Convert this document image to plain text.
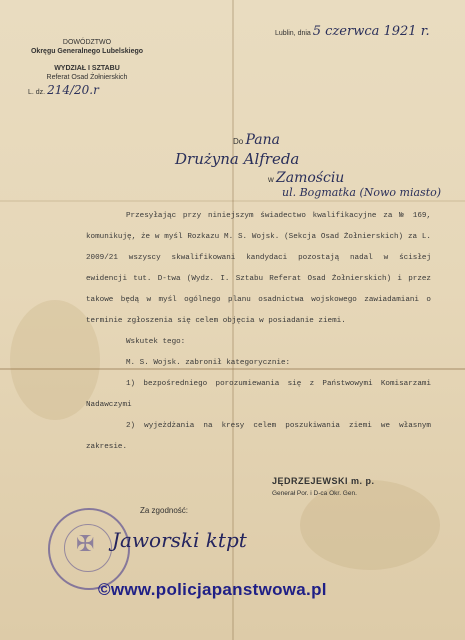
DOWÓDZTWO
Okręgu Generalnego Lubelskiego
WYDZIAŁ I SZTABU
Referat Osad Żołnierskich
L. dz. 214/20.r
Lublin, dnia 5 czerwca 1921 r.
Do Pana
Drużyna Alfreda
w Zamościu
ul. Bogmatka (Nowo miasto)

Przesyłając przy niniejszym świadectwo kwalifikacyjne za № 169, komunikuję, że w myśl Rozkazu M. S. Wojsk. (Sekcja Osad Żołnierskich) za L. 2009/21 wszyscy skwalifikowani kandydaci pozostają nadal w ścisłej ewidencji tut. D-twa (Wydz. I. Sztabu Referat Osad Żołnierskich) i przez takowe będą w myśl ogólnego planu osadnictwa wojskowego zawiadamiani o terminie zgłoszenia się celem objęcia w posiadanie ziemi.

Wskutek tego:

M. S. Wojsk. zabronił kategorycznie:

1) bezpośredniego porozumiewania się z Państwowymi Komisarzami Nadawczymi

2) wyjeżdżania na kresy celem poszukiwania ziemi we własnym zakresie.

JĘDRZEJEWSKI m. p.
Generał Por. i D-ca Okr. Gen.
Za zgodność:
✠ Jaworski ktpt
©www.policjapanstwowa.pl
